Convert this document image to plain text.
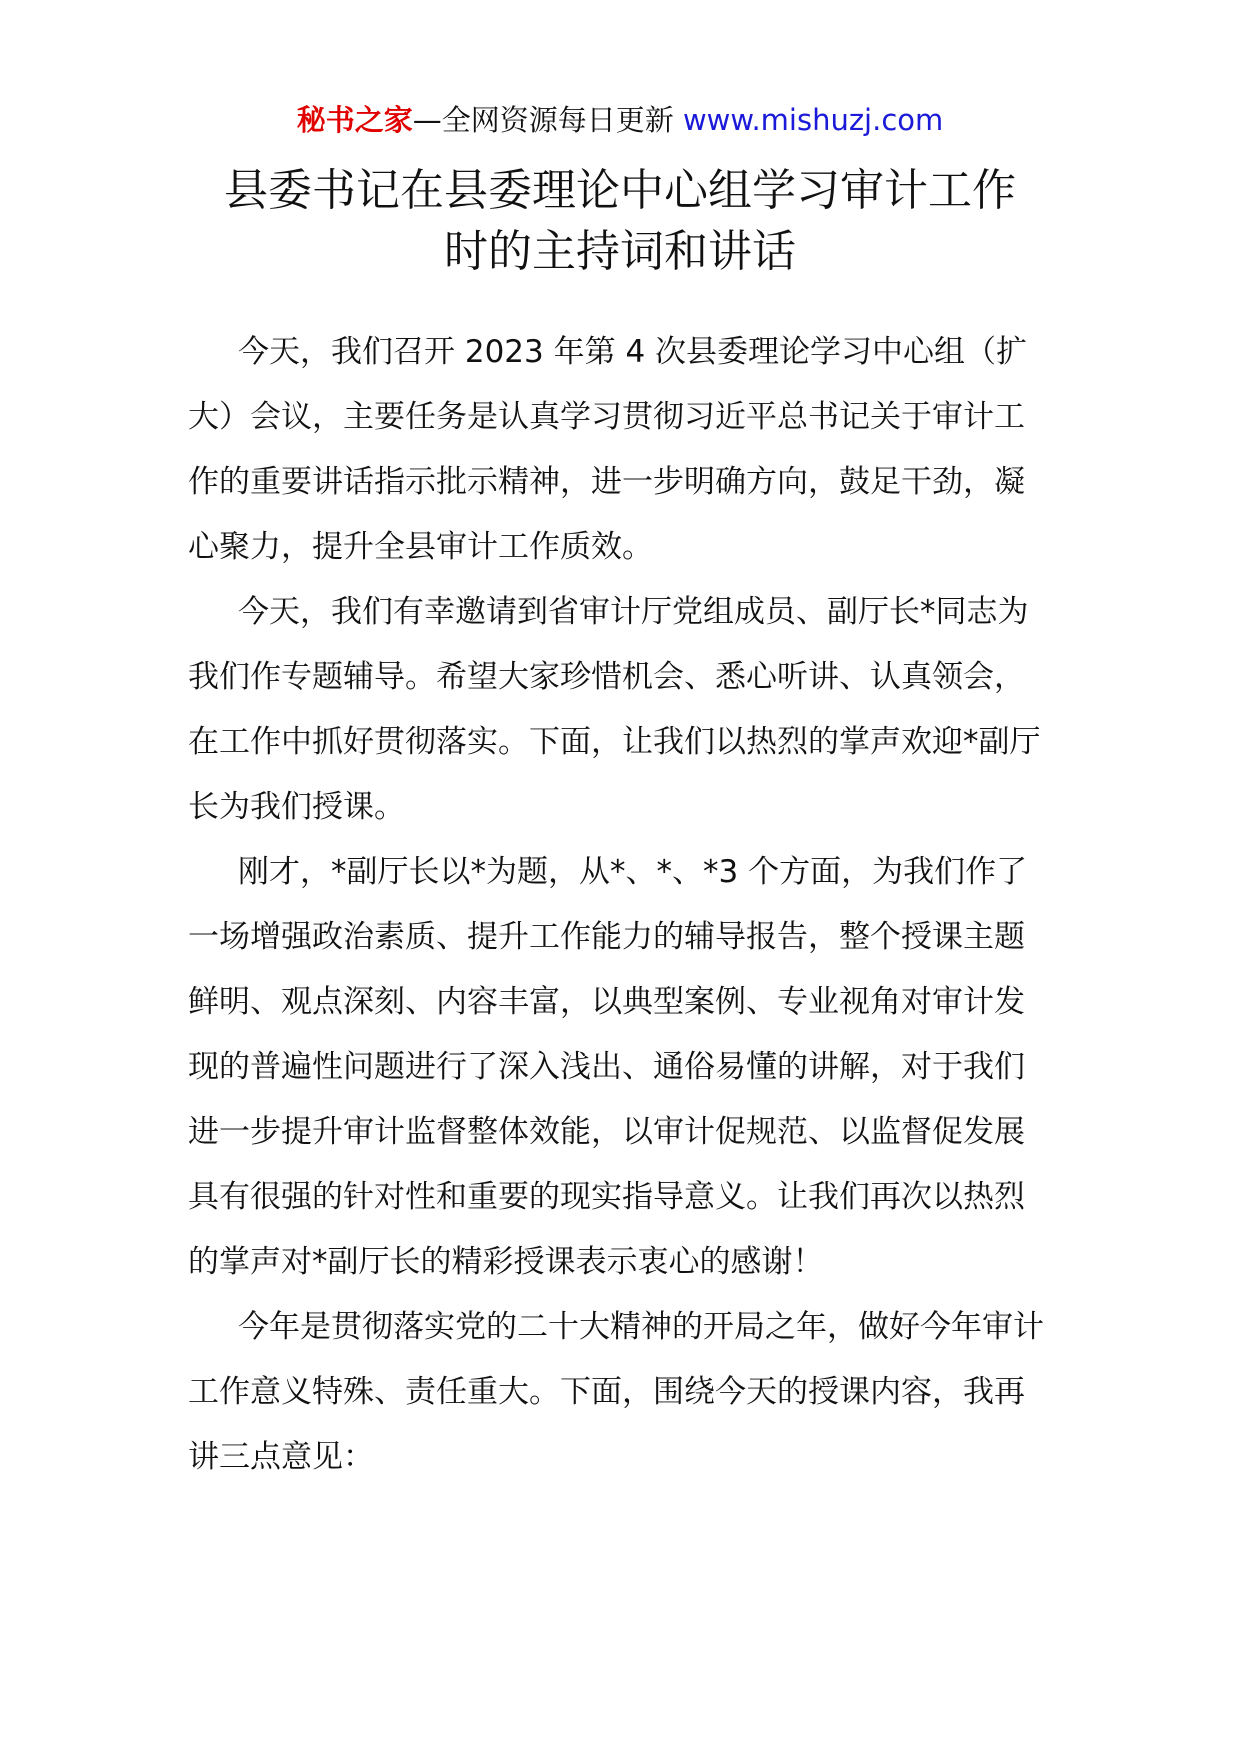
秘书之家—全网资源每日更新 www.mishuzj.com
县委书记在县委理论中心组学习审计工作
时的主持词和讲话

今天，我们召开 2023 年第 4 次县委理论学习中心组（扩大）会议，主要任务是认真学习贯彻习近平总书记关于审计工作的重要讲话指示批示精神，进一步明确方向，鼓足干劲，凝心聚力，提升全县审计工作质效。

今天，我们有幸邀请到省审计厅党组成员、副厅长*同志为我们作专题辅导。希望大家珍惜机会、悉心听讲、认真领会，在工作中抓好贯彻落实。下面，让我们以热烈的掌声欢迎*副厅长为我们授课。

刚才，*副厅长以*为题，从*、*、*3 个方面，为我们作了一场增强政治素质、提升工作能力的辅导报告，整个授课主题鲜明、观点深刻、内容丰富，以典型案例、专业视角对审计发现的普遍性问题进行了深入浅出、通俗易懂的讲解，对于我们进一步提升审计监督整体效能，以审计促规范、以监督促发展具有很强的针对性和重要的现实指导意义。让我们再次以热烈的掌声对*副厅长的精彩授课表示衷心的感谢！

今年是贯彻落实党的二十大精神的开局之年，做好今年审计工作意义特殊、责任重大。下面，围绕今天的授课内容，我再讲三点意见：
